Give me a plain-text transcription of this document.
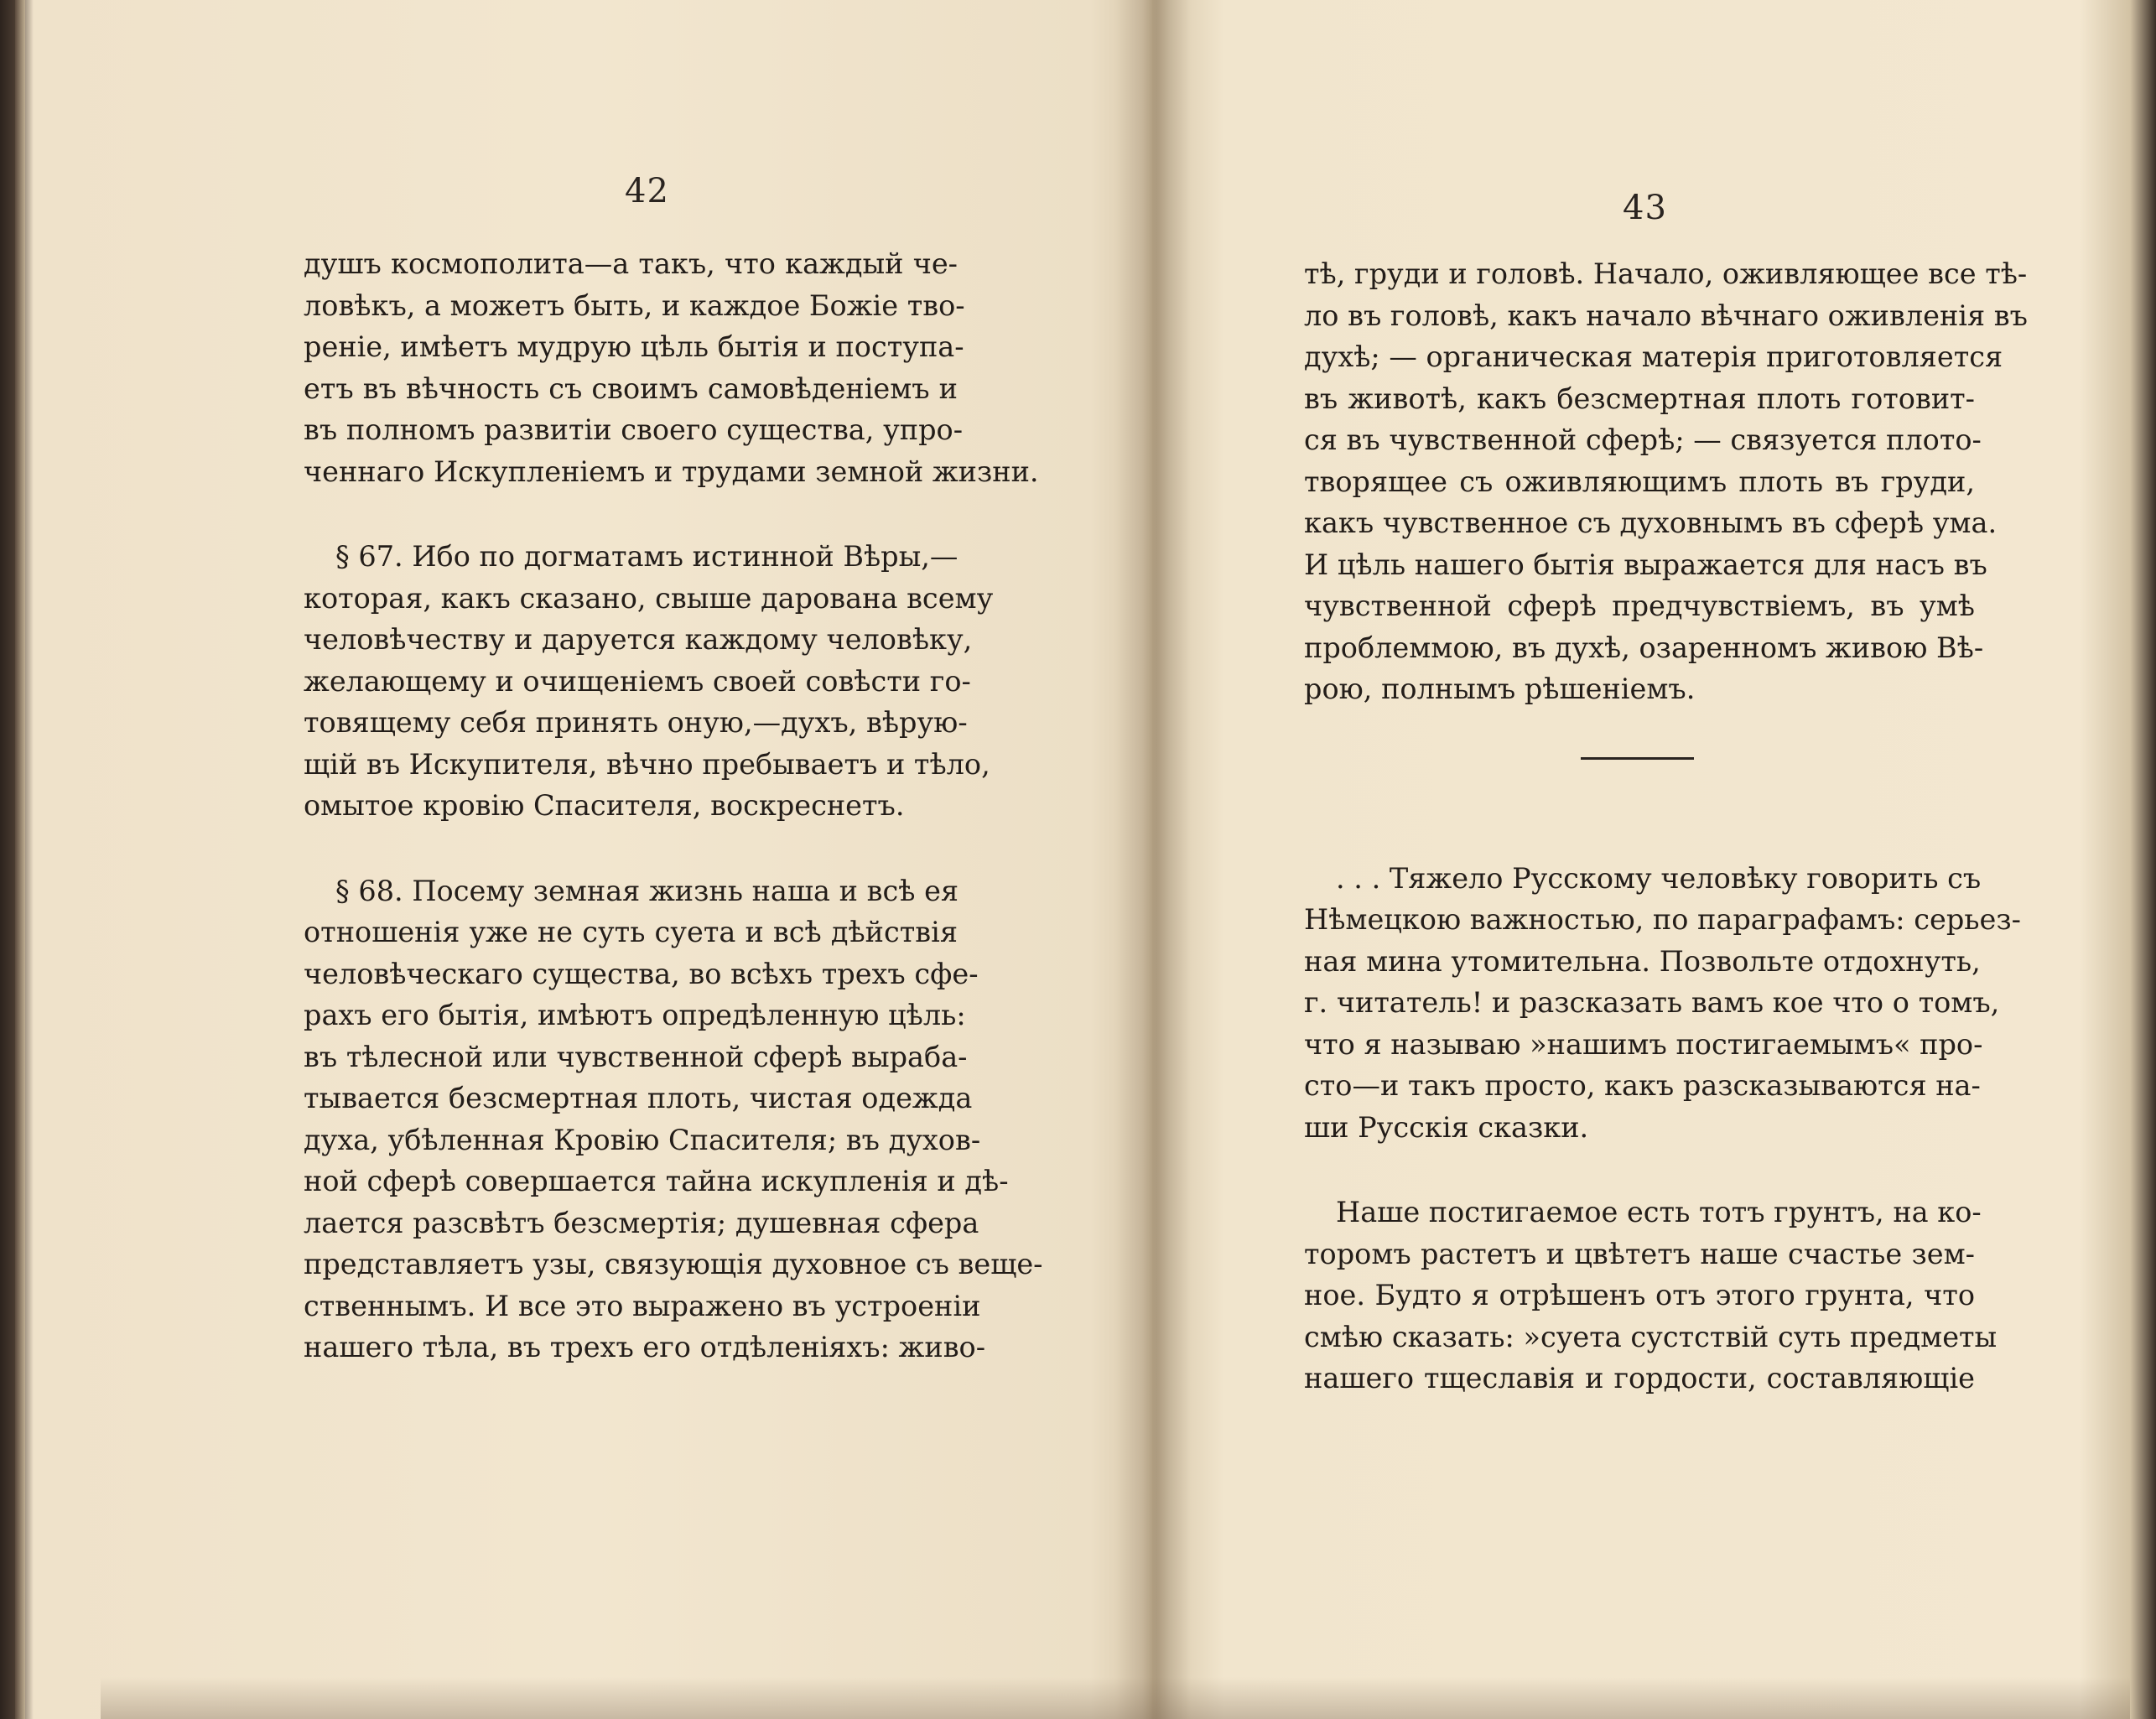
42
душъ космополита—а такъ, что каждый че-
ловѣкъ, а можетъ быть, и каждое Божіе тво-
реніе, имѣетъ мудрую цѣль бытія и поступа-
етъ въ вѣчность съ своимъ самовѣденіемъ и
въ полномъ развитіи своего существа, упро-
ченнаго Искупленіемъ и трудами земной жизни.
§ 67. Ибо по догматамъ истинной Вѣры,—
которая, какъ сказано, свыше дарована всему
человѣчеству и даруется каждому человѣку,
желающему и очищеніемъ своей совѣсти го-
товящему себя принять оную,—духъ, вѣрую-
щій въ Искупителя, вѣчно пребываетъ и тѣло,
омытое кровію Спасителя, воскреснетъ.
§ 68. Посему земная жизнь наша и всѣ ея
отношенія уже не суть суета и всѣ дѣйствія
человѣческаго существа, во всѣхъ трехъ сфе-
рахъ его бытія, имѣютъ опредѣленную цѣль:
въ тѣлесной или чувственной сферѣ выраба-
тывается безсмертная плоть, чистая одежда
духа, убѣленная Кровію Спасителя; въ духов-
ной сферѣ совершается тайна искупленія и дѣ-
лается разсвѣтъ безсмертія; душевная сфера
представляетъ узы, связующія духовное съ веще-
ственнымъ. И все это выражено въ устроеніи
нашего тѣла, въ трехъ его отдѣленіяхъ: живо-
43
тѣ, груди и головѣ. Начало, оживляющее все тѣ-
ло въ головѣ, какъ начало вѣчнаго оживленія въ
духѣ; — органическая матерія приготовляется
въ животѣ, какъ безсмертная плоть готовит-
ся въ чувственной сферѣ; — связуется плото-
творящее съ оживляющимъ плоть въ груди,
какъ чувственное съ духовнымъ въ сферѣ ума.
И цѣль нашего бытія выражается для насъ въ
чувственной сферѣ предчувствіемъ, въ умѣ
проблеммою, въ духѣ, озаренномъ живою Вѣ-
рою, полнымъ рѣшеніемъ.
. . . Тяжело Русскому человѣку говорить съ
Нѣмецкою важностью, по параграфамъ: серьез-
ная мина утомительна. Позвольте отдохнуть,
г. читатель! и разсказать вамъ кое что о томъ,
что я называю »нашимъ постигаемымъ« про-
сто—и такъ просто, какъ разсказываются на-
ши Русскія сказки.
Наше постигаемое есть тотъ грунтъ, на ко-
торомъ растетъ и цвѣтетъ наше счастье зем-
ное. Будто я отрѣшенъ отъ этого грунта, что
смѣю сказать: »суета сустствій суть предметы
нашего тщеславія и гордости, составляющіе
